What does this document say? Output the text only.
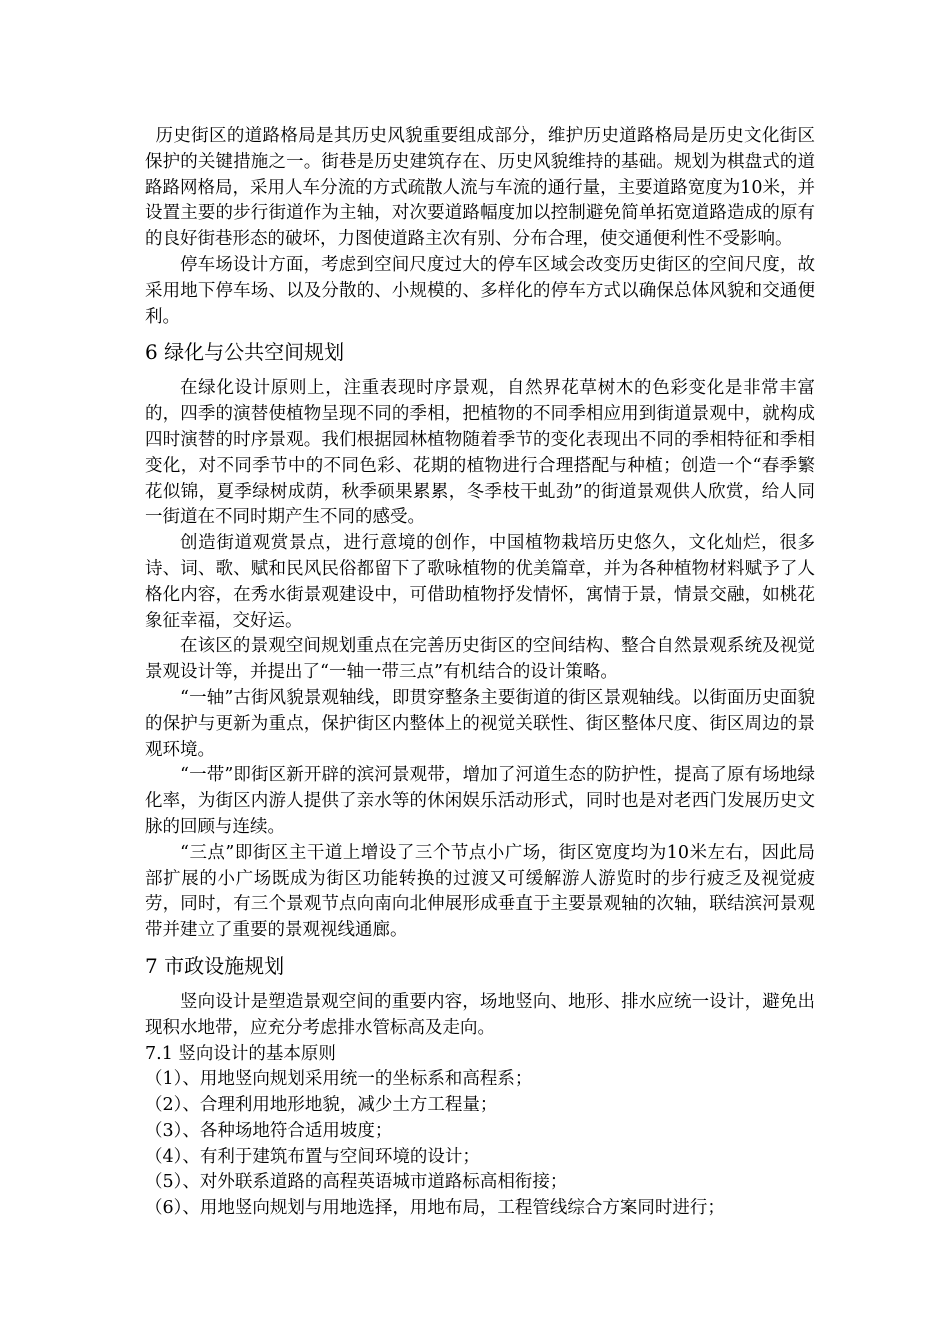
历史街区的道路格局是其历史风貌重要组成部分，维护历史道路格局是历史文化街区保护的关键措施之一。街巷是历史建筑存在、历史风貌维持的基础。规划为棋盘式的道路路网格局，采用人车分流的方式疏散人流与车流的通行量，主要道路宽度为10米，并设置主要的步行街道作为主轴，对次要道路幅度加以控制避免简单拓宽道路造成的原有的良好街巷形态的破坏，力图使道路主次有别、分布合理，使交通便利性不受影响。

停车场设计方面，考虑到空间尺度过大的停车区域会改变历史街区的空间尺度，故采用地下停车场、以及分散的、小规模的、多样化的停车方式以确保总体风貌和交通便利。

6 绿化与公共空间规划

在绿化设计原则上，注重表现时序景观，自然界花草树木的色彩变化是非常丰富的，四季的演替使植物呈现不同的季相，把植物的不同季相应用到街道景观中，就构成四时演替的时序景观。我们根据园林植物随着季节的变化表现出不同的季相特征和季相变化，对不同季节中的不同色彩、花期的植物进行合理搭配与种植；创造一个“春季繁花似锦，夏季绿树成荫，秋季硕果累累，冬季枝干虬劲”的街道景观供人欣赏，给人同一街道在不同时期产生不同的感受。

创造街道观赏景点，进行意境的创作，中国植物栽培历史悠久，文化灿烂，很多诗、词、歌、赋和民风民俗都留下了歌咏植物的优美篇章，并为各种植物材料赋予了人格化内容，在秀水街景观建设中，可借助植物抒发情怀，寓情于景，情景交融，如桃花象征幸福，交好运。

在该区的景观空间规划重点在完善历史街区的空间结构、整合自然景观系统及视觉景观设计等，并提出了“一轴一带三点”有机结合的设计策略。

“一轴”古街风貌景观轴线，即贯穿整条主要街道的街区景观轴线。以街面历史面貌的保护与更新为重点，保护街区内整体上的视觉关联性、街区整体尺度、街区周边的景观环境。

“一带”即街区新开辟的滨河景观带，增加了河道生态的防护性，提高了原有场地绿化率，为街区内游人提供了亲水等的休闲娱乐活动形式，同时也是对老西门发展历史文脉的回顾与连续。

“三点”即街区主干道上增设了三个节点小广场，街区宽度均为10米左右，因此局部扩展的小广场既成为街区功能转换的过渡又可缓解游人游览时的步行疲乏及视觉疲劳，同时，有三个景观节点向南向北伸展形成垂直于主要景观轴的次轴，联结滨河景观带并建立了重要的景观视线通廊。

7 市政设施规划

竖向设计是塑造景观空间的重要内容，场地竖向、地形、排水应统一设计，避免出现积水地带，应充分考虑排水管标高及走向。

7.1 竖向设计的基本原则

（1）、用地竖向规划采用统一的坐标系和高程系；
（2）、合理利用地形地貌，减少土方工程量；
（3）、各种场地符合适用坡度；
（4）、有利于建筑布置与空间环境的设计；
（5）、对外联系道路的高程英语城市道路标高相衔接；
（6）、用地竖向规划与用地选择，用地布局，工程管线综合方案同时进行；
